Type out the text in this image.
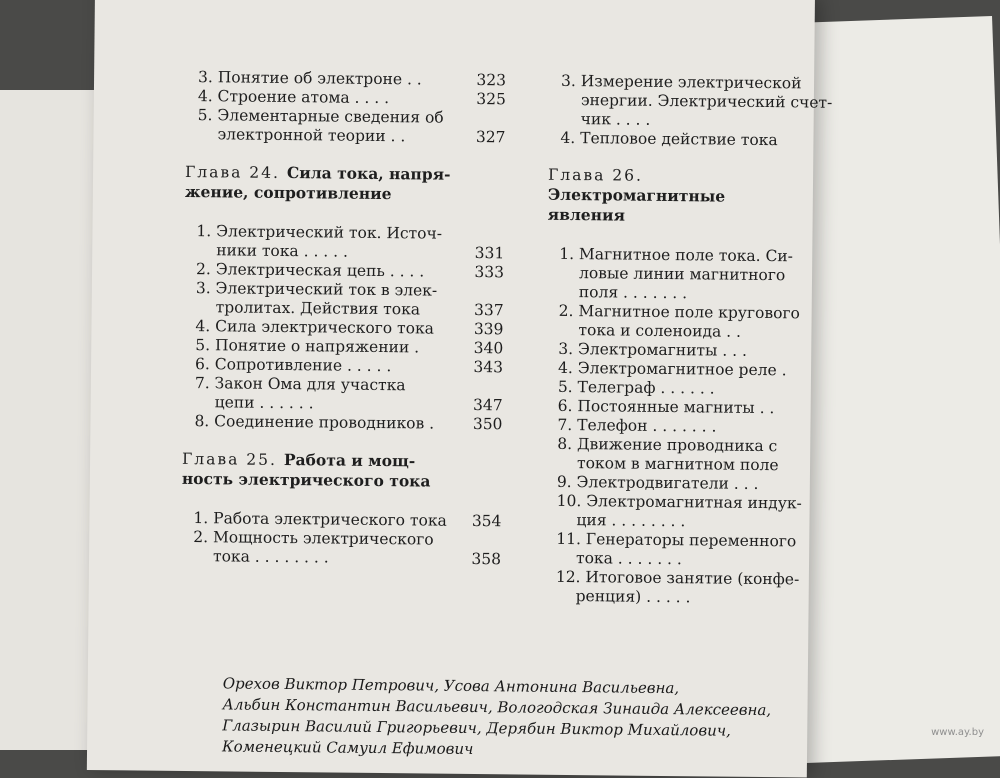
3. Понятие об электроне . .	323
4. Строение атома . . . .	325
5. Элементарные сведения об
электронной теории . .	327
Глава 24. Сила тока, напря-
жение, сопротивление
1. Электрический ток. Источ-
ники тока . . . . .	331
2. Электрическая цепь . . . .	333
3. Электрический ток в элек-
тролитах. Действия тока	337
4. Сила электрического тока	339
5. Понятие о напряжении .	340
6. Сопротивление . . . . .	343
7. Закон Ома для участка
цепи . . . . . .	347
8. Соединение проводников . 350
Глава 25. Работа и мощ-
ность электрического тока
1. Работа электрического тока 354
2. Мощность электрического
тока . . . . . . . .	358
3. Измерение электрической
энергии. Электрический счет-
чик . . . .
4. Тепловое действие тока
Глава 26. Электромагнитные
явления
1. Магнитное поле тока. Си-
ловые линии магнитного
поля . . . . . . .
2. Магнитное поле кругового
тока и соленоида . .
3. Электромагниты . . .
4. Электромагнитное реле .
5. Телеграф . . . . . .
6. Постоянные магниты . .
7. Телефон . . . . . . .
8. Движение проводника с
током в магнитном поле
9. Электродвигатели . . .
10. Электромагнитная индук-
ция . . . . . . . .
11. Генераторы переменного
тока . . . . . . .
12. Итоговое занятие (конфе-
ренция) . . . . .
Орехов Виктор Петрович, Усова Антонина Васильевна,
Альбин Константин Васильевич, Вологодская Зинаида Алексеевна,
Глазырин Василий Григорьевич, Дерябин Виктор Михайлович,
Коменецкий Самуил Ефимович
www.ay.by
